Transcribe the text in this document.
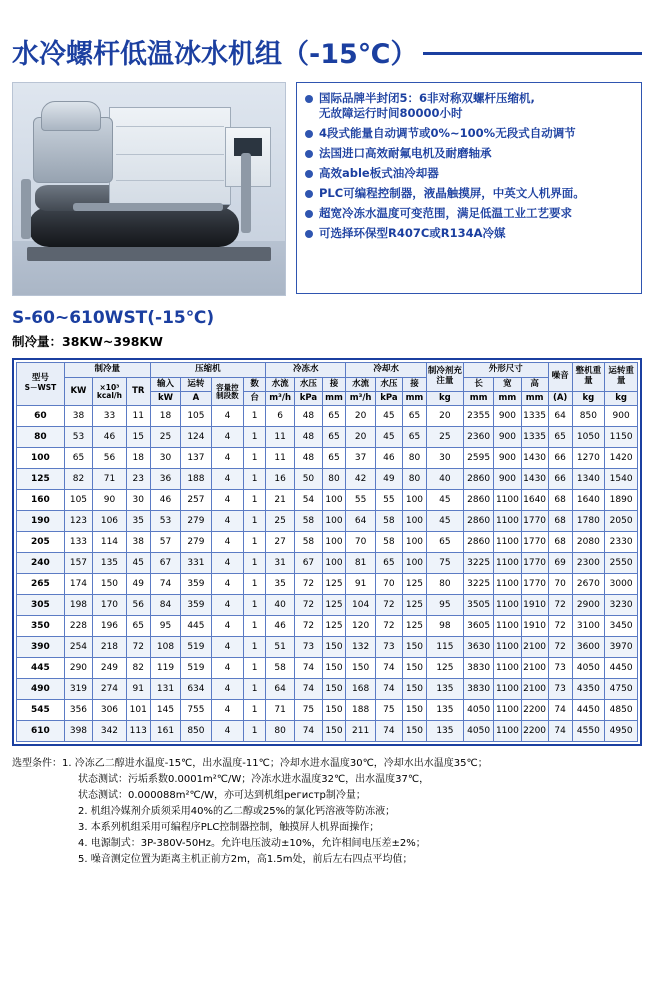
水冷螺杆低温冰水机组（-15℃）
国际品牌半封闭5：6非对称双螺杆压缩机,
无故障运行时间80000小时
4段式能量自动调节或0%~100%无段式自动调节
法国进口高效耐氟电机及耐磨轴承
高效able板式油冷却器
PLC可编程控制器，液晶触摸屏，中英文人机界面。
超宽冷冻水温度可变范围，满足低温工业工艺要求
可选择环保型R407C或R134A冷媒
S-60~610WST(-15℃)
制冷量：38KW~398KW
型号
S－WST	制冷量			压缩机				冷冻水			冷却水			制冷剂充注量	外形尺寸			噪音	整机重量	运转重量
	KW	×10³
kcal/h	TR	输入	运转	容量控
制段数	数	水流	水压	接	水流	水压	接		长	宽	高			
				kW	A		台	m³/h	kPa	mm	m³/h	kPa	mm	kg	mm	mm	mm	(A)	kg	kg
60	38	33	11	18	105	4	1	6	48	65	20	45	65	20	2355	900	1335	64	850	900
80	53	46	15	25	124	4	1	11	48	65	20	45	65	25	2360	900	1335	65	1050	1150
100	65	56	18	30	137	4	1	11	48	65	37	46	80	30	2595	900	1430	66	1270	1420
125	82	71	23	36	188	4	1	16	50	80	42	49	80	40	2860	900	1430	66	1340	1540
160	105	90	30	46	257	4	1	21	54	100	55	55	100	45	2860	1100	1640	68	1640	1890
190	123	106	35	53	279	4	1	25	58	100	64	58	100	45	2860	1100	1770	68	1780	2050
205	133	114	38	57	279	4	1	27	58	100	70	58	100	65	2860	1100	1770	68	2080	2330
240	157	135	45	67	331	4	1	31	67	100	81	65	100	75	3225	1100	1770	69	2300	2550
265	174	150	49	74	359	4	1	35	72	125	91	70	125	80	3225	1100	1770	70	2670	3000
305	198	170	56	84	359	4	1	40	72	125	104	72	125	95	3505	1100	1910	72	2900	3230
350	228	196	65	95	445	4	1	46	72	125	120	72	125	98	3605	1100	1910	72	3100	3450
390	254	218	72	108	519	4	1	51	73	150	132	73	150	115	3630	1100	2100	72	3600	3970
445	290	249	82	119	519	4	1	58	74	150	150	74	150	125	3830	1100	2100	73	4050	4450
490	319	274	91	131	634	4	1	64	74	150	168	74	150	135	3830	1100	2100	73	4350	4750
545	356	306	101	145	755	4	1	71	75	150	188	75	150	135	4050	1100	2200	74	4450	4850
610	398	342	113	161	850	4	1	80	74	150	211	74	150	135	4050	1100	2200	74	4550	4950
选型条件： 1. 冷冻乙二醇进水温度-15℃，出水温度-11℃；冷却水进水温度30℃，冷却水出水温度35℃；
状态测试：污垢系数0.0001m²℃/W；冷冻水进水温度32℃，出水温度37℃，
状态测试：0.000088m²℃/W，亦可达到机组регистр制冷量；
2. 机组冷媒剂介质须采用40%的乙二醇或25%的氯化钙溶液等防冻液；
3. 本系列机组采用可编程序PLC控制器控制，触摸屏人机界面操作；
4. 电源制式：3P-380V-50Hz。允许电压波动±10%，允许相间电压差±2%；
5. 噪音测定位置为距离主机正前方2m，高1.5m处，前后左右四点平均值；
